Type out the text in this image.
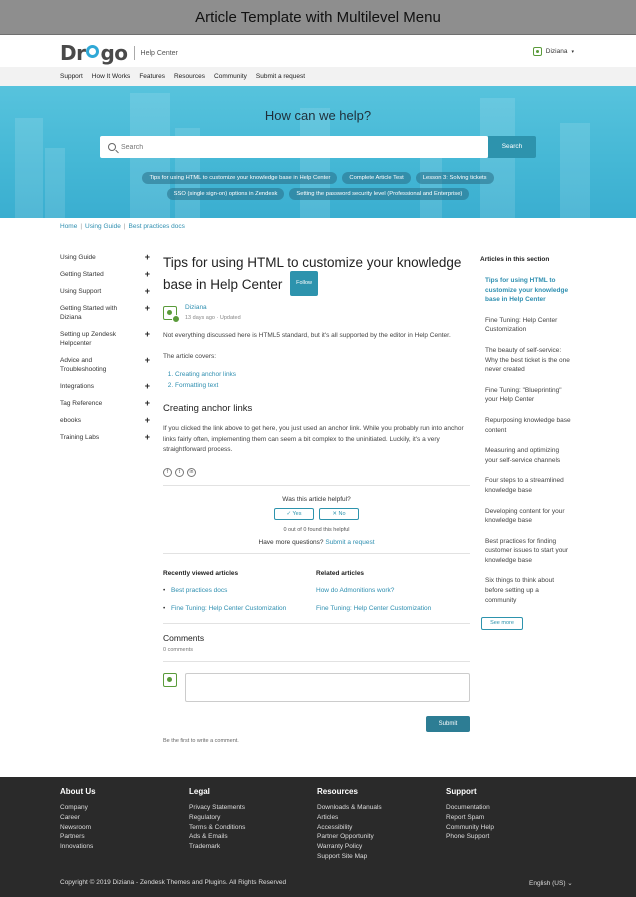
Article Template with Multilevel Menu
Dr go Help Center	Diziana ▾
Support How It Works Features Resources Community Submit a request
How can we help?
Search
Search
Tips for using HTML to customize your knowledge base in Help Center	Complete Article Test	Lesson 3: Solving tickets
SSO (single sign-on) options in Zendesk	Setting the password security level (Professional and Enterprise)
Home | Using Guide | Best practices docs
Using Guide	+
Getting Started	+
Using Support	+
Getting Started with Diziana
+
Setting up Zendesk Helpcenter
+
Advice and Troubleshooting
+
Integrations	+
Tag Reference	+
ebooks	+
Training Labs	+
Tips for using HTML to customize your knowledge base in Help Center	Follow
Diziana
13 days ago · Updated
Not everything discussed here is HTML5 standard, but it's all supported by the editor in Help Center.
The article covers:
1. Creating anchor links
2. Formatting text
Creating anchor links
If you clicked the link above to get here, you just used an anchor link. While you probably run into anchor links fairly often, implementing them can seem a bit complex to the uninitiated. Luckily, it's a very straightforward process.
f	t	in
Was this article helpful?
✓ Yes	✕ No
0 out of 0 found this helpful
Have more questions? Submit a request
Recently viewed articles
• Best practices docs
• Fine Tuning: Help Center Customization
Related articles
How do Admonitions work?
Fine Tuning: Help Center Customization
Comments
0 comments
Submit
Be the first to write a comment.
Articles in this section
Tips for using HTML to customize your knowledge base in Help Center
Fine Tuning: Help Center Customization
The beauty of self-service: Why the best ticket is the one never created
Fine Tuning: "Blueprinting" your Help Center
Repurposing knowledge base content
Measuring and optimizing your self-service channels
Four steps to a streamlined knowledge base
Developing content for your knowledge base
Best practices for finding customer issues to start your knowledge base
Six things to think about before setting up a community
See more
About Us
Company
Career
Newsroom
Partners
Innovations
Legal
Privacy Statements
Regulatory
Terms & Conditions
Ads & Emails
Trademark
Resources
Downloads & Manuals
Articles
Accessibility
Partner Opportunity
Warranty Policy
Support Site Map
Support
Documentation
Report Spam
Community Help
Phone Support
Copyright © 2019 Diziana - Zendesk Themes and Plugins. All Rights Reserved	English (US) ⌄
